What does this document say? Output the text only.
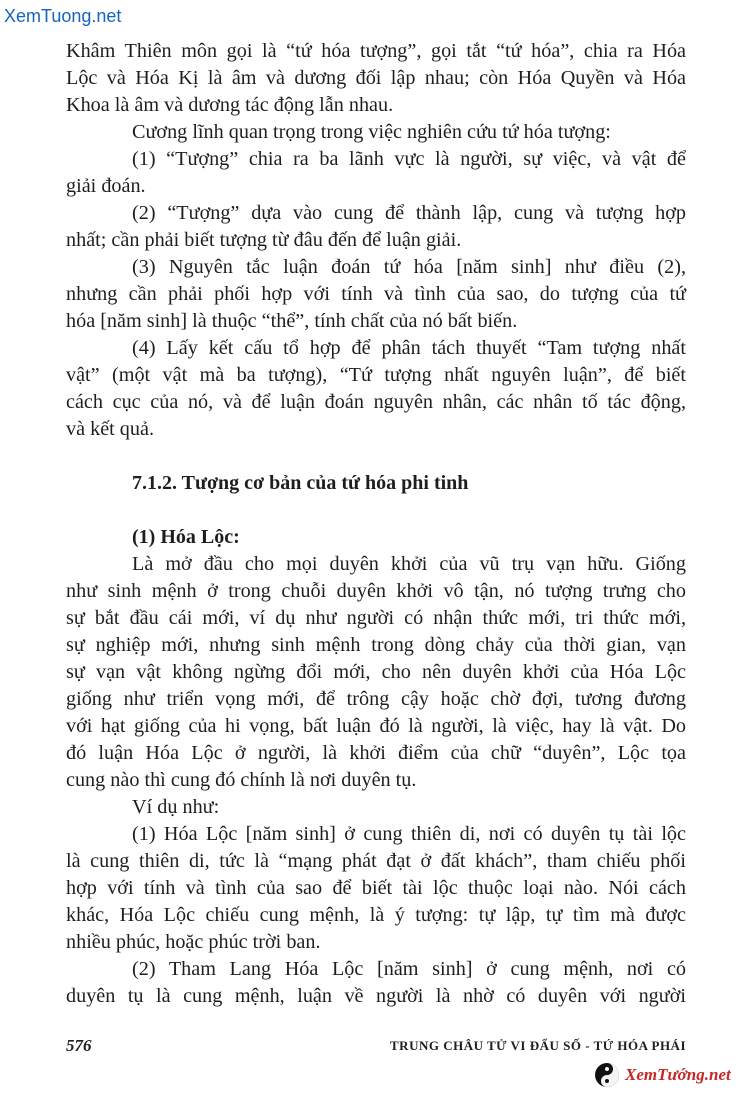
XemTuong.net

Khâm Thiên môn gọi là “tứ hóa tượng”, gọi tắt “tứ hóa”, chia ra Hóa

Lộc và Hóa Kị là âm và dương đối lập nhau; còn Hóa Quyền và Hóa

Khoa là âm và dương tác động lẫn nhau.

Cương lĩnh quan trọng trong việc nghiên cứu tứ hóa tượng:

(1) “Tượng” chia ra ba lãnh vực là người, sự việc, và vật để

giải đoán.

(2) “Tượng” dựa vào cung để thành lập, cung và tượng hợp

nhất; cần phải biết tượng từ đâu đến để luận giải.

(3) Nguyên tắc luận đoán tứ hóa [năm sinh] như điều (2),

nhưng cần phải phối hợp với tính và tình của sao, do tượng của tứ

hóa [năm sinh] là thuộc “thể”, tính chất của nó bất biến.

(4) Lấy kết cấu tổ hợp để phân tách thuyết “Tam tượng nhất

vật” (một vật mà ba tượng), “Tứ tượng nhất nguyên luận”, để biết

cách cục của nó, và để luận đoán nguyên nhân, các nhân tố tác động,

và kết quả.

7.1.2. Tượng cơ bản của tứ hóa phi tinh

(1) Hóa Lộc:

Là mở đầu cho mọi duyên khởi của vũ trụ vạn hữu. Giống

như sinh mệnh ở trong chuỗi duyên khởi vô tận, nó tượng trưng cho

sự bắt đầu cái mới, ví dụ như người có nhận thức mới, tri thức mới,

sự nghiệp mới, nhưng sinh mệnh trong dòng chảy của thời gian, vạn

sự vạn vật không ngừng đổi mới, cho nên duyên khởi của Hóa Lộc

giống như triển vọng mới, để trông cậy hoặc chờ đợi, tương đương

với hạt giống của hi vọng, bất luận đó là người, là việc, hay là vật. Do

đó luận Hóa Lộc ở người, là khởi điểm của chữ “duyên”, Lộc tọa

cung nào thì cung đó chính là nơi duyên tụ.

Ví dụ như:

(1) Hóa Lộc [năm sinh] ở cung thiên di, nơi có duyên tụ tài lộc

là cung thiên di, tức là “mạng phát đạt ở đất khách”, tham chiếu phối

hợp với tính và tình của sao để biết tài lộc thuộc loại nào. Nói cách

khác, Hóa Lộc chiếu cung mệnh, là ý tượng: tự lập, tự tìm mà được

nhiều phúc, hoặc phúc trời ban.

(2) Tham Lang Hóa Lộc [năm sinh] ở cung mệnh, nơi có

duyên tụ là cung mệnh, luận về người là nhờ có duyên với người

576	TRUNG CHÂU TỬ VI ĐẨU SỐ - TỨ HÓA PHÁI
XemTướng.net
